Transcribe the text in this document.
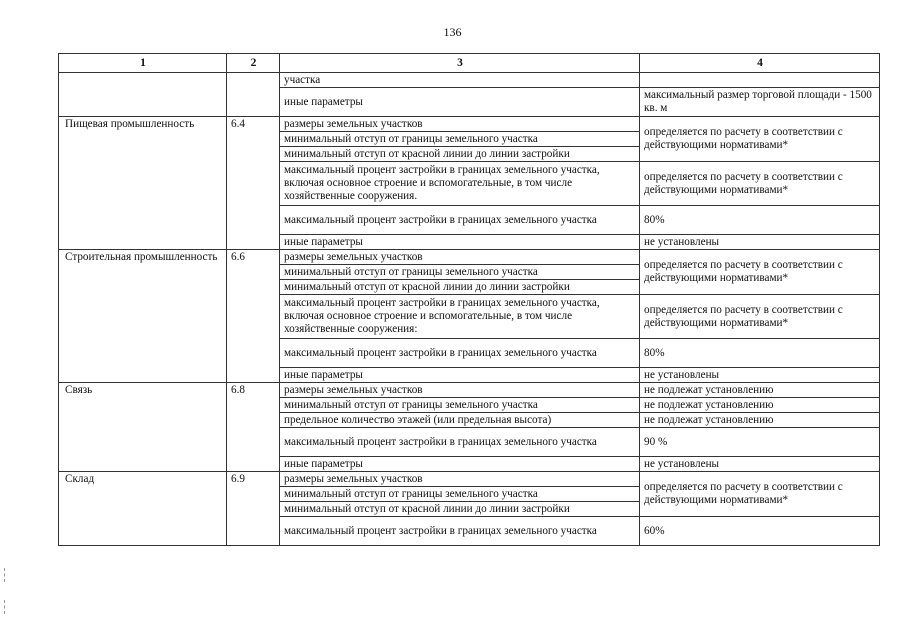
136
1	2	3	4
		участка	
		иные параметры	максимальный размер торговой площади - 1500 кв. м
Пищевая промышленность	6.4	размеры земельных участков	определяется по расчету в соответствии с действующими нормативами*
		минимальный отступ от границы земельного участка	
		минимальный отступ от красной линии до линии застройки	
		максимальный процент застройки в границах земельного участка, включая основное строение и вспомогательные, в том числе хозяйственные сооружения.	определяется по расчету в соответствии с действующими нормативами*
		максимальный процент застройки в границах земельного участка	80%
		иные параметры	не установлены
Строительная промышленность	6.6	размеры земельных участков	определяется по расчету в соответствии с действующими нормативами*
		минимальный отступ от границы земельного участка	
		минимальный отступ от красной линии до линии застройки	
		максимальный процент застройки в границах земельного участка, включая основное строение и вспомогательные, в том числе хозяйственные сооружения:	определяется по расчету в соответствии с действующими нормативами*
		максимальный процент застройки в границах земельного участка	80%
		иные параметры	не установлены
Связь	6.8	размеры земельных участков	не подлежат установлению
		минимальный отступ от границы земельного участка	не подлежат установлению
		предельное количество этажей (или предельная высота)	не подлежат установлению
		максимальный процент застройки в границах земельного участка	90 %
		иные параметры	не установлены
Склад	6.9	размеры земельных участков	определяется по расчету в соответствии с действующими нормативами*
		минимальный отступ от границы земельного участка	
		минимальный отступ от красной линии до линии застройки	
		максимальный процент застройки в границах земельного участка	60%
